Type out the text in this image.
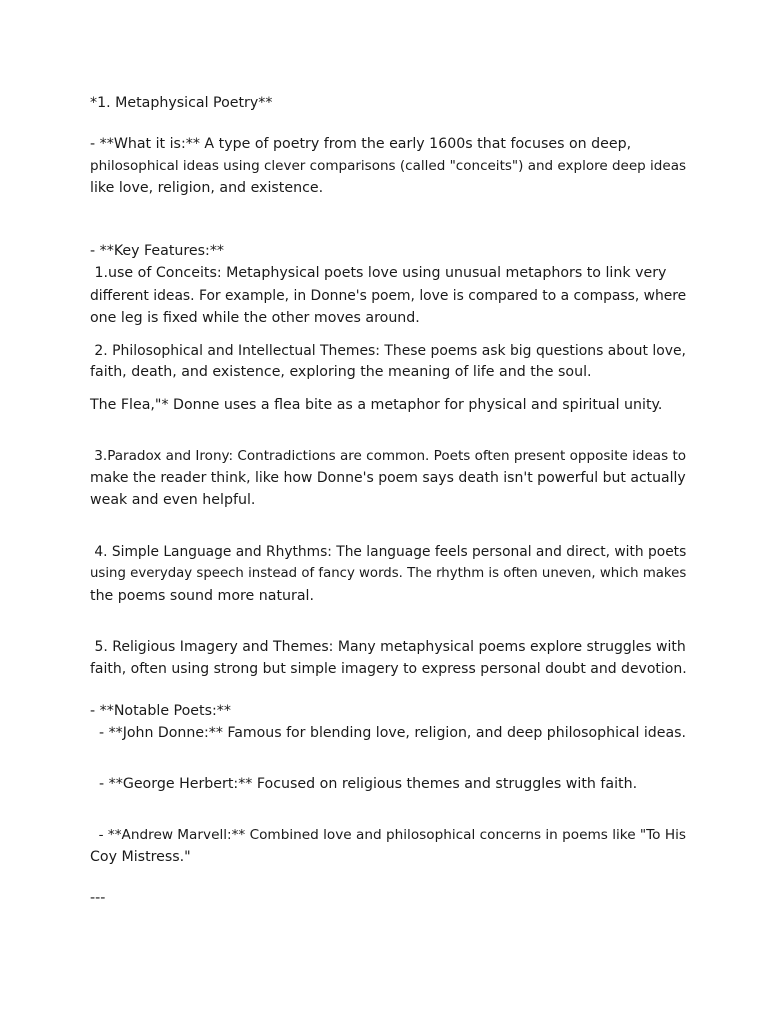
*1. Metaphysical Poetry**

- **What it is:** A type of poetry from the early 1600s that focuses on deep,

philosophical ideas using clever comparisons (called "conceits") and explore deep ideas

like love, religion, and existence.

- **Key Features:**

1.use of Conceits: Metaphysical poets love using unusual metaphors to link very

different ideas. For example, in Donne's poem, love is compared to a compass, where

one leg is fixed while the other moves around.

2. Philosophical and Intellectual Themes: These poems ask big questions about love,

faith, death, and existence, exploring the meaning of life and the soul.

The Flea,"* Donne uses a flea bite as a metaphor for physical and spiritual unity.

3.Paradox and Irony: Contradictions are common. Poets often present opposite ideas to

make the reader think, like how Donne's poem says death isn't powerful but actually

weak and even helpful.

4. Simple Language and Rhythms: The language feels personal and direct, with poets

using everyday speech instead of fancy words. The rhythm is often uneven, which makes

the poems sound more natural.

5. Religious Imagery and Themes: Many metaphysical poems explore struggles with

faith, often using strong but simple imagery to express personal doubt and devotion.

- **Notable Poets:**

- **John Donne:** Famous for blending love, religion, and deep philosophical ideas.

- **George Herbert:** Focused on religious themes and struggles with faith.

- **Andrew Marvell:** Combined love and philosophical concerns in poems like "To His

Coy Mistress."

---
